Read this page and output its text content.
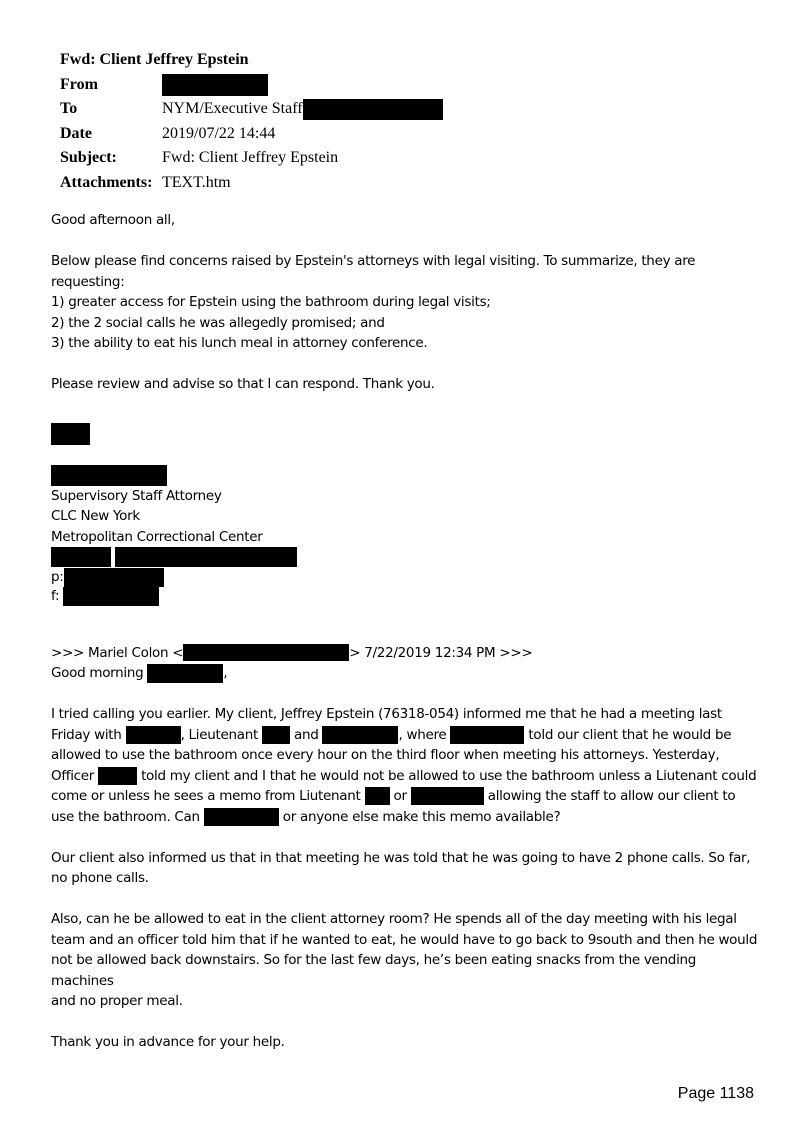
Fwd: Client Jeffrey Epstein
From
To	NYM/Executive Staff
Date	2019/07/22 14:44
Subject:	Fwd: Client Jeffrey Epstein
Attachments: TEXT.htm

Good afternoon all,

Below please find concerns raised by Epstein's attorneys with legal visiting. To summarize, they are

requesting:

1) greater access for Epstein using the bathroom during legal visits;

2) the 2 social calls he was allegedly promised; and

3) the ability to eat his lunch meal in attorney conference.

Please review and advise so that I can respond. Thank you.

Supervisory Staff Attorney

CLC New York

Metropolitan Correctional Center

p:
f:

>>> Mariel Colon <	> 7/22/2019 12:34 PM >>>

Good morning	,

I tried calling you earlier. My client, Jeffrey Epstein (76318-054) informed me that he had a meeting last

Friday with	, Lieutenant	and	, where	told our client that he would be

allowed to use the bathroom once every hour on the third floor when meeting his attorneys. Yesterday,

Officer	told my client and I that he would not be allowed to use the bathroom unless a Liutenant could

come or unless he sees a memo from Liutenant or	allowing the staff to allow our client to

use the bathroom. Can	or anyone else make this memo available?

Our client also informed us that in that meeting he was told that he was going to have 2 phone calls. So far,

no phone calls.

Also, can he be allowed to eat in the client attorney room? He spends all of the day meeting with his legal

team and an officer told him that if he wanted to eat, he would have to go back to 9south and then he would

not be allowed back downstairs. So for the last few days, he’s been eating snacks from the vending machines

and no proper meal.

Thank you in advance for your help.

Page 1138
